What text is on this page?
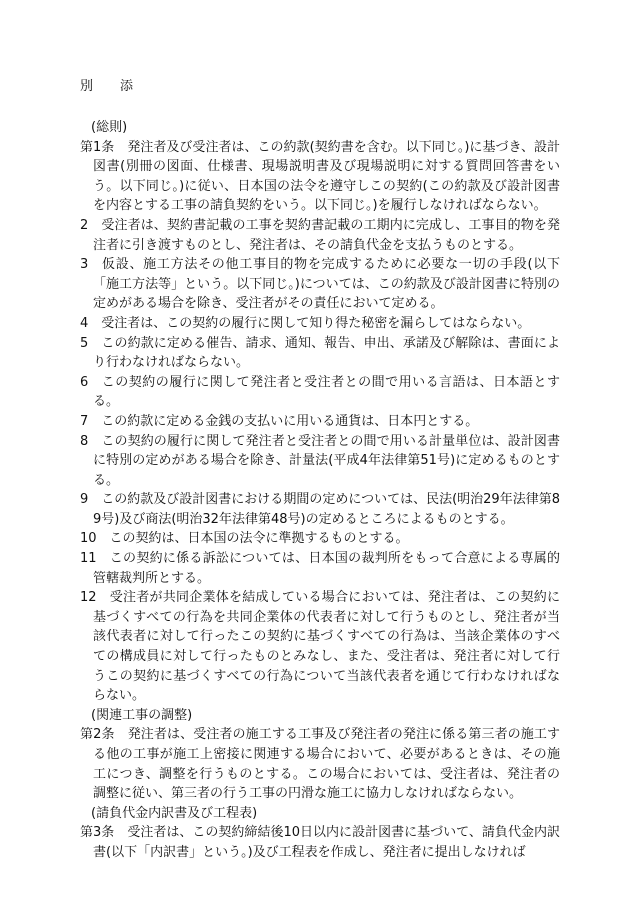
別　添
(総則)
第1条 発注者及び受注者は、この約款(契約書を含む。以下同じ。)に基づき、設計図書(別冊の図面、仕様書、現場説明書及び現場説明に対する質問回答書をいう。以下同じ。)に従い、日本国の法令を遵守しこの契約(この約款及び設計図書を内容とする工事の請負契約をいう。以下同じ。)を履行しなければならない。
2 受注者は、契約書記載の工事を契約書記載の工期内に完成し、工事目的物を発注者に引き渡すものとし、発注者は、その請負代金を支払うものとする。
3 仮設、施工方法その他工事目的物を完成するために必要な一切の手段(以下「施工方法等」という。以下同じ。)については、この約款及び設計図書に特別の定めがある場合を除き、受注者がその責任において定める。
4 受注者は、この契約の履行に関して知り得た秘密を漏らしてはならない。
5 この約款に定める催告、請求、通知、報告、申出、承諾及び解除は、書面により行わなければならない。
6 この契約の履行に関して発注者と受注者との間で用いる言語は、日本語とする。
7 この約款に定める金銭の支払いに用いる通貨は、日本円とする。
8 この契約の履行に関して発注者と受注者との間で用いる計量単位は、設計図書に特別の定めがある場合を除き、計量法(平成4年法律第51号)に定めるものとする。
9 この約款及び設計図書における期間の定めについては、民法(明治29年法律第89号)及び商法(明治32年法律第48号)の定めるところによるものとする。
10 この契約は、日本国の法令に準拠するものとする。
11 この契約に係る訴訟については、日本国の裁判所をもって合意による専属的管轄裁判所とする。
12 受注者が共同企業体を結成している場合においては、発注者は、この契約に基づくすべての行為を共同企業体の代表者に対して行うものとし、発注者が当該代表者に対して行ったこの契約に基づくすべての行為は、当該企業体のすべての構成員に対して行ったものとみなし、また、受注者は、発注者に対して行うこの契約に基づくすべての行為について当該代表者を通じて行わなければならない。
(関連工事の調整)
第2条 発注者は、受注者の施工する工事及び発注者の発注に係る第三者の施工する他の工事が施工上密接に関連する場合において、必要があるときは、その施工につき、調整を行うものとする。この場合においては、受注者は、発注者の調整に従い、第三者の行う工事の円滑な施工に協力しなければならない。
(請負代金内訳書及び工程表)
第3条 受注者は、この契約締結後10日以内に設計図書に基づいて、請負代金内訳書(以下「内訳書」という。)及び工程表を作成し、発注者に提出しなければ
